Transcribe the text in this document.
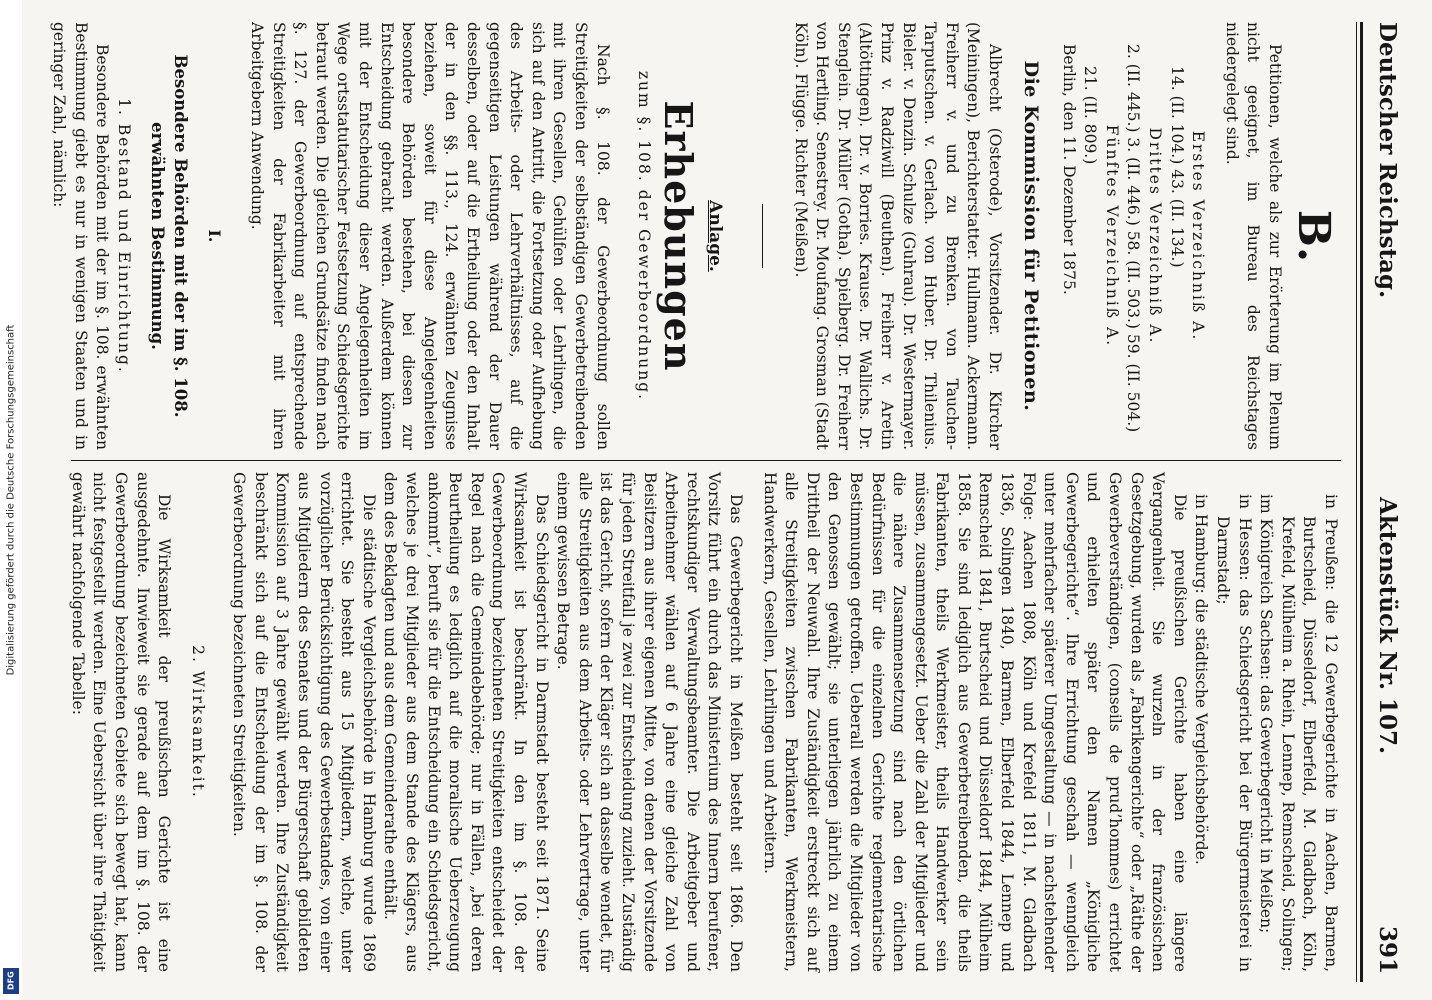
Digitalisierung gefördert durch die Deutsche Forschungsgemeinschaft
DFG
Deutscher Reichstag.
Aktenstück Nr. 107.
391
B.

Petitionen, welche als zur Erörterung im Plenum nicht geeignet, im Bureau des Reichstages niedergelegt sind.

Erstes Verzeichniß A.

14. (II. 104.) 43. (II. 134.)

Drittes Verzeichniß A.

2. (II. 445.) 3. (II. 446.) 58. (II. 503.) 59. (II. 504.)

Fünftes Verzeichniß A.

21. (II. 809.)

Berlin, den 11. Dezember 1875.

Die Kommission für Petitionen.

Albrecht (Osterode), Vorsitzender. Dr. Kircher (Meiningen), Berichterstatter. Hullmann. Ackermann. Freiherr v. und zu Brenken. von Tauchen-Tarputschen. v. Gerlach. von Huber. Dr. Thilenius. Bieler. v. Denzin. Schulze (Guhrau). Dr. Westermayer. Prinz v. Radziwill (Beuthen). Freiherr v. Aretin (Altöttingen). Dr. v. Borries. Krause. Dr. Wallichs. Dr. Stenglein. Dr. Müller (Gotha). Spielberg. Dr. Freiherr von Hertling. Senestrey. Dr. Moufang. Grosman (Stadt Köln). Flügge. Richter (Meißen).

Anlage.

Erhebungen

zum §. 108. der Gewerbeordnung.

Nach §. 108. der Gewerbeordnung sollen Streitigkeiten der selbständigen Gewerbetreibenden mit ihren Gesellen, Gehülfen oder Lehrlingen, die sich auf den Antritt, die Fortsetzung oder Aufhebung des Arbeits- oder Lehrverhältnisses, auf die gegenseitigen Leistungen während der Dauer desselben, oder auf die Ertheilung oder den Inhalt der in den §§. 113., 124. erwähnten Zeugnisse beziehen, soweit für diese Angelegenheiten besondere Behörden bestehen, bei diesen zur Entscheidung gebracht werden. Außerdem können mit der Entscheidung dieser Angelegenheiten im Wege ortsstatutarischer Festsetzung Schiedsgerichte betraut werden. Die gleichen Grundsätze finden nach §. 127. der Gewerbeordnung auf entsprechende Streitigkeiten der Fabrikarbeiter mit ihren Arbeitgebern Anwendung.

I.

Besondere Behörden mit der im §. 108. erwähnten Bestimmung.

1. Bestand und Einrichtung.

Besondere Behörden mit der im §. 108. erwähnten Bestimmung giebt es nur in wenigen Staaten und in geringer Zahl, nämlich:

in Preußen: die 12 Gewerbegerichte in Aachen, Barmen, Burtscheid, Düsseldorf, Elberfeld, M. Gladbach, Köln, Krefeld, Mülheim a. Rhein, Lennep, Remscheid, Solingen;

im Königreich Sachsen: das Gewerbegericht in Meißen;

in Hessen: das Schiedsgericht bei der Bürgermeisterei in Darmstadt;

in Hamburg: die städtische Vergleichsbehörde.

Die preußischen Gerichte haben eine längere Vergangenheit. Sie wurzeln in der französischen Gesetzgebung, wurden als „Fabrikengerichte“ oder „Räthe der Gewerbeverständigen, (conseils de prud’hommes) errichtet und erhielten später den Namen „Königliche Gewerbegerichte“. Ihre Errichtung geschah — wenngleich unter mehrfacher späterer Umgestaltung — in nachstehender Folge: Aachen 1808, Köln und Krefeld 1811, M. Gladbach 1836, Solingen 1840, Barmen, Elberfeld 1844, Lennep und Remscheid 1841, Burtscheid und Düsseldorf 1844, Mülheim 1858. Sie sind lediglich aus Gewerbetreibenden, die theils Fabrikanten, theils Werkmeister, theils Handwerker sein müssen, zusammengesetzt. Ueber die Zahl der Mitglieder und die nähere Zusammensetzung sind nach den örtlichen Bedürfnissen für die einzelnen Gerichte reglementarische Bestimmungen getroffen. Ueberall werden die Mitglieder von den Genossen gewählt; sie unterliegen jährlich zu einem Drittheil der Neuwahl. Ihre Zuständigkeit erstreckt sich auf alle Streitigkeiten zwischen Fabrikanten, Werkmeistern, Handwerkern, Gesellen, Lehrlingen und Arbeitern.

Das Gewerbegericht in Meißen besteht seit 1866. Den Vorsitz führt ein durch das Ministerium des Innern berufener, rechtskundiger Verwaltungsbeamter. Die Arbeitgeber und Arbeitnehmer wählen auf 6 Jahre eine gleiche Zahl von Beisitzern aus ihrer eigenen Mitte, von denen der Vorsitzende für jeden Streitfall je zwei zur Entscheidung zuzieht. Zuständig ist das Gericht, sofern der Kläger sich an dasselbe wendet, für alle Streitigkeiten aus dem Arbeits- oder Lehrvertrage, unter einem gewissen Betrage.

Das Schiedsgericht in Darmstadt besteht seit 1871. Seine Wirksamkeit ist beschränkt. In den im §. 108. der Gewerbeordnung bezeichneten Streitigkeiten entscheidet der Regel nach die Gemeindebehörde; nur in Fällen, „bei deren Beurtheilung es lediglich auf die moralische Ueberzeugung ankommt“, beruft sie für die Entscheidung ein Schiedsgericht, welches je drei Mitglieder aus dem Stande des Klägers, aus dem des Beklagten und aus dem Gemeinderathe enthält.

Die städtische Vergleichsbehörde in Hamburg wurde 1869 errichtet. Sie besteht aus 15 Mitgliedern, welche, unter vorzüglicher Berücksichtigung des Gewerbestandes, von einer aus Mitgliedern des Senates und der Bürgerschaft gebildeten Kommission auf 3 Jahre gewählt werden. Ihre Zuständigkeit beschränkt sich auf die Entscheidung der im §. 108. der Gewerbeordnung bezeichneten Streitigkeiten.

2. Wirksamkeit.

Die Wirksamkeit der preußischen Gerichte ist eine ausgedehnte. Inwieweit sie gerade auf dem im §. 108. der Gewerbeordnung bezeichneten Gebiete sich bewegt hat, kann nicht festgestellt werden. Eine Uebersicht über ihre Thätigkeit gewährt nachfolgende Tabelle:
